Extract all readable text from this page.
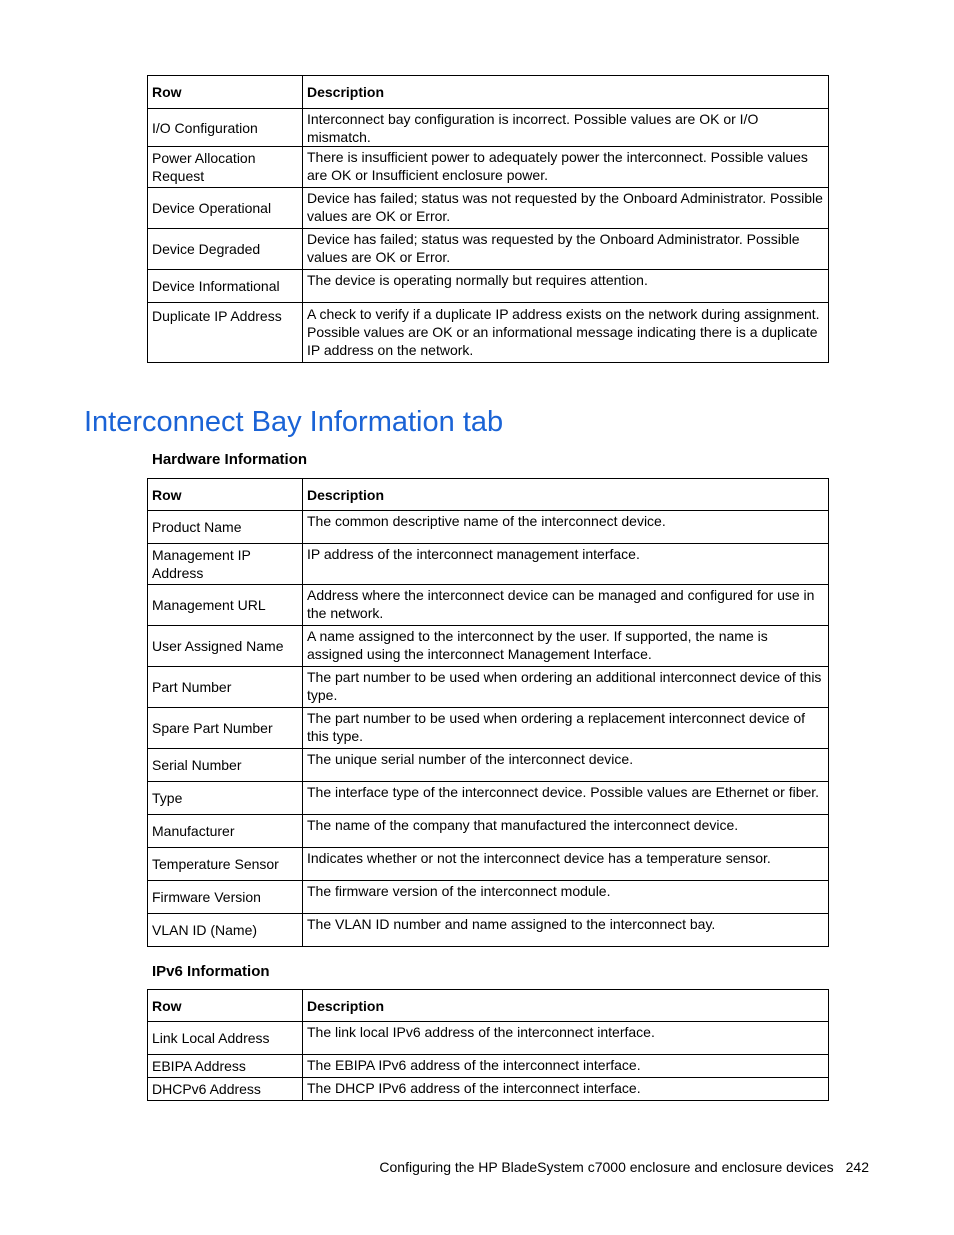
Row	Description
I/O Configuration	Interconnect bay configuration is incorrect. Possible values are OK or I/O mismatch.
Power Allocation Request	There is insufficient power to adequately power the interconnect. Possible values are OK or Insufficient enclosure power.
Device Operational	Device has failed; status was not requested by the Onboard Administrator. Possible values are OK or Error.
Device Degraded	Device has failed; status was requested by the Onboard Administrator. Possible values are OK or Error.
Device Informational	The device is operating normally but requires attention.
Duplicate IP Address	A check to verify if a duplicate IP address exists on the network during assignment. Possible values are OK or an informational message indicating there is a duplicate IP address on the network.
Interconnect Bay Information tab
Hardware Information
Row	Description
Product Name	The common descriptive name of the interconnect device.
Management IP Address	IP address of the interconnect management interface.
Management URL	Address where the interconnect device can be managed and configured for use in the network.
User Assigned Name	A name assigned to the interconnect by the user. If supported, the name is assigned using the interconnect Management Interface.
Part Number	The part number to be used when ordering an additional interconnect device of this type.
Spare Part Number	The part number to be used when ordering a replacement interconnect device of this type.
Serial Number	The unique serial number of the interconnect device.
Type	The interface type of the interconnect device. Possible values are Ethernet or fiber.
Manufacturer	The name of the company that manufactured the interconnect device.
Temperature Sensor	Indicates whether or not the interconnect device has a temperature sensor.
Firmware Version	The firmware version of the interconnect module.
VLAN ID (Name)	The VLAN ID number and name assigned to the interconnect bay.
IPv6 Information
Row	Description
Link Local Address	The link local IPv6 address of the interconnect interface.
EBIPA Address	The EBIPA IPv6 address of the interconnect interface.
DHCPv6 Address	The DHCP IPv6 address of the interconnect interface.
Configuring the HP BladeSystem c7000 enclosure and enclosure devices 242
